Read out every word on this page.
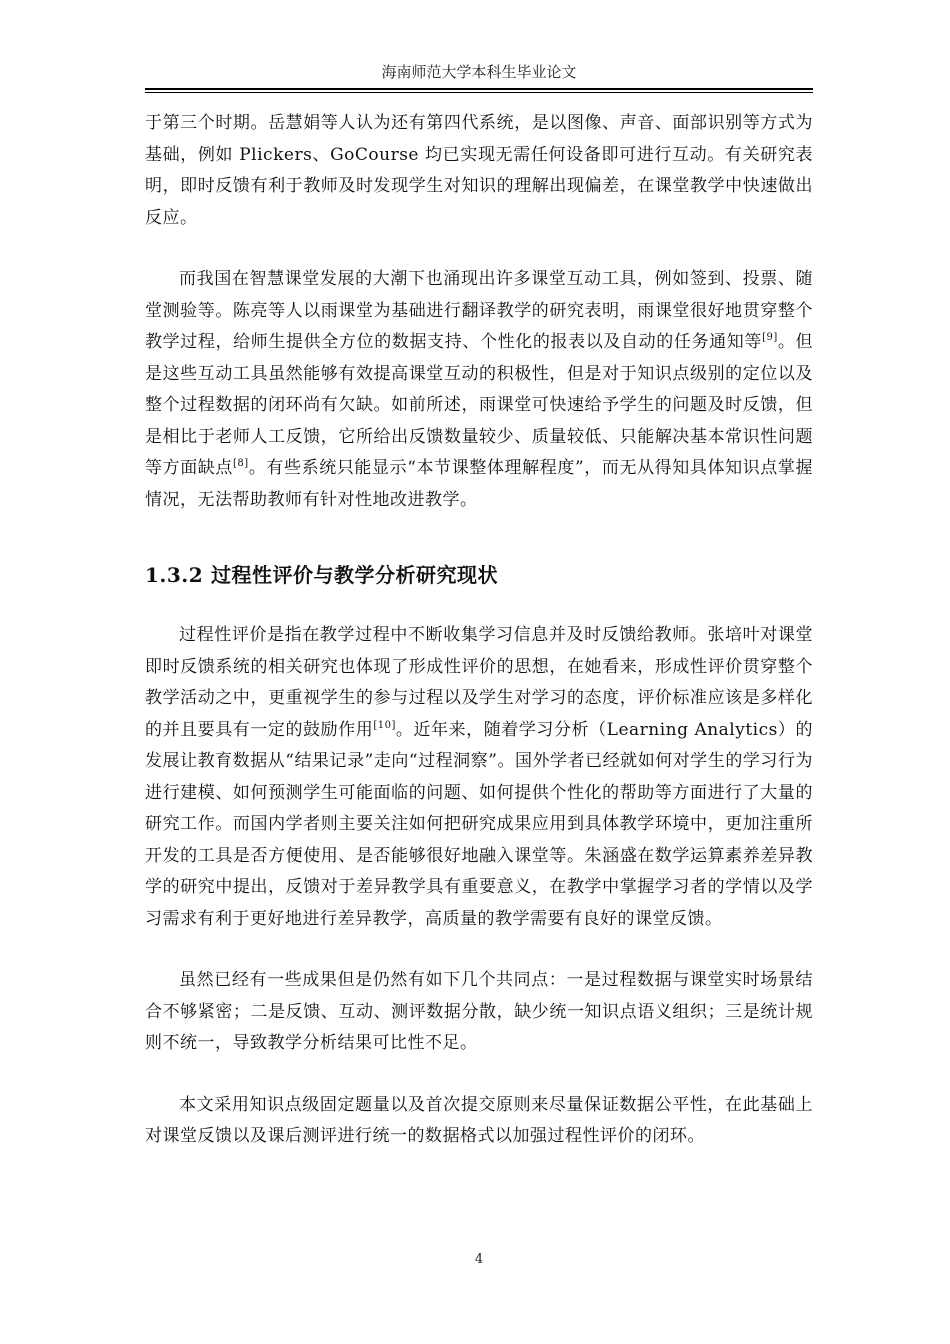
海南师范大学本科生毕业论文

于第三个时期。岳慧娟等人认为还有第四代系统，是以图像、声音、面部识别等方式为基础，例如 Plickers、GoCourse 均已实现无需任何设备即可进行互动。有关研究表明，即时反馈有利于教师及时发现学生对知识的理解出现偏差，在课堂教学中快速做出反应。

而我国在智慧课堂发展的大潮下也涌现出许多课堂互动工具，例如签到、投票、随堂测验等。陈亮等人以雨课堂为基础进行翻译教学的研究表明，雨课堂很好地贯穿整个教学过程，给师生提供全方位的数据支持、个性化的报表以及自动的任务通知等[9]。但是这些互动工具虽然能够有效提高课堂互动的积极性，但是对于知识点级别的定位以及整个过程数据的闭环尚有欠缺。如前所述，雨课堂可快速给予学生的问题及时反馈，但是相比于老师人工反馈，它所给出反馈数量较少、质量较低、只能解决基本常识性问题等方面缺点[8]。有些系统只能显示“本节课整体理解程度”，而无从得知具体知识点掌握情况，无法帮助教师有针对性地改进教学。

1.3.2 过程性评价与教学分析研究现状

过程性评价是指在教学过程中不断收集学习信息并及时反馈给教师。张培叶对课堂即时反馈系统的相关研究也体现了形成性评价的思想，在她看来，形成性评价贯穿整个教学活动之中，更重视学生的参与过程以及学生对学习的态度，评价标准应该是多样化的并且要具有一定的鼓励作用[10]。近年来，随着学习分析（Learning Analytics）的发展让教育数据从“结果记录”走向“过程洞察”。国外学者已经就如何对学生的学习行为进行建模、如何预测学生可能面临的问题、如何提供个性化的帮助等方面进行了大量的研究工作。而国内学者则主要关注如何把研究成果应用到具体教学环境中，更加注重所开发的工具是否方便使用、是否能够很好地融入课堂等。朱涵盛在数学运算素养差异教学的研究中提出，反馈对于差异教学具有重要意义，在教学中掌握学习者的学情以及学习需求有利于更好地进行差异教学，高质量的教学需要有良好的课堂反馈。

虽然已经有一些成果但是仍然有如下几个共同点：一是过程数据与课堂实时场景结合不够紧密；二是反馈、互动、测评数据分散，缺少统一知识点语义组织；三是统计规则不统一，导致教学分析结果可比性不足。

本文采用知识点级固定题量以及首次提交原则来尽量保证数据公平性，在此基础上对课堂反馈以及课后测评进行统一的数据格式以加强过程性评价的闭环。

4
